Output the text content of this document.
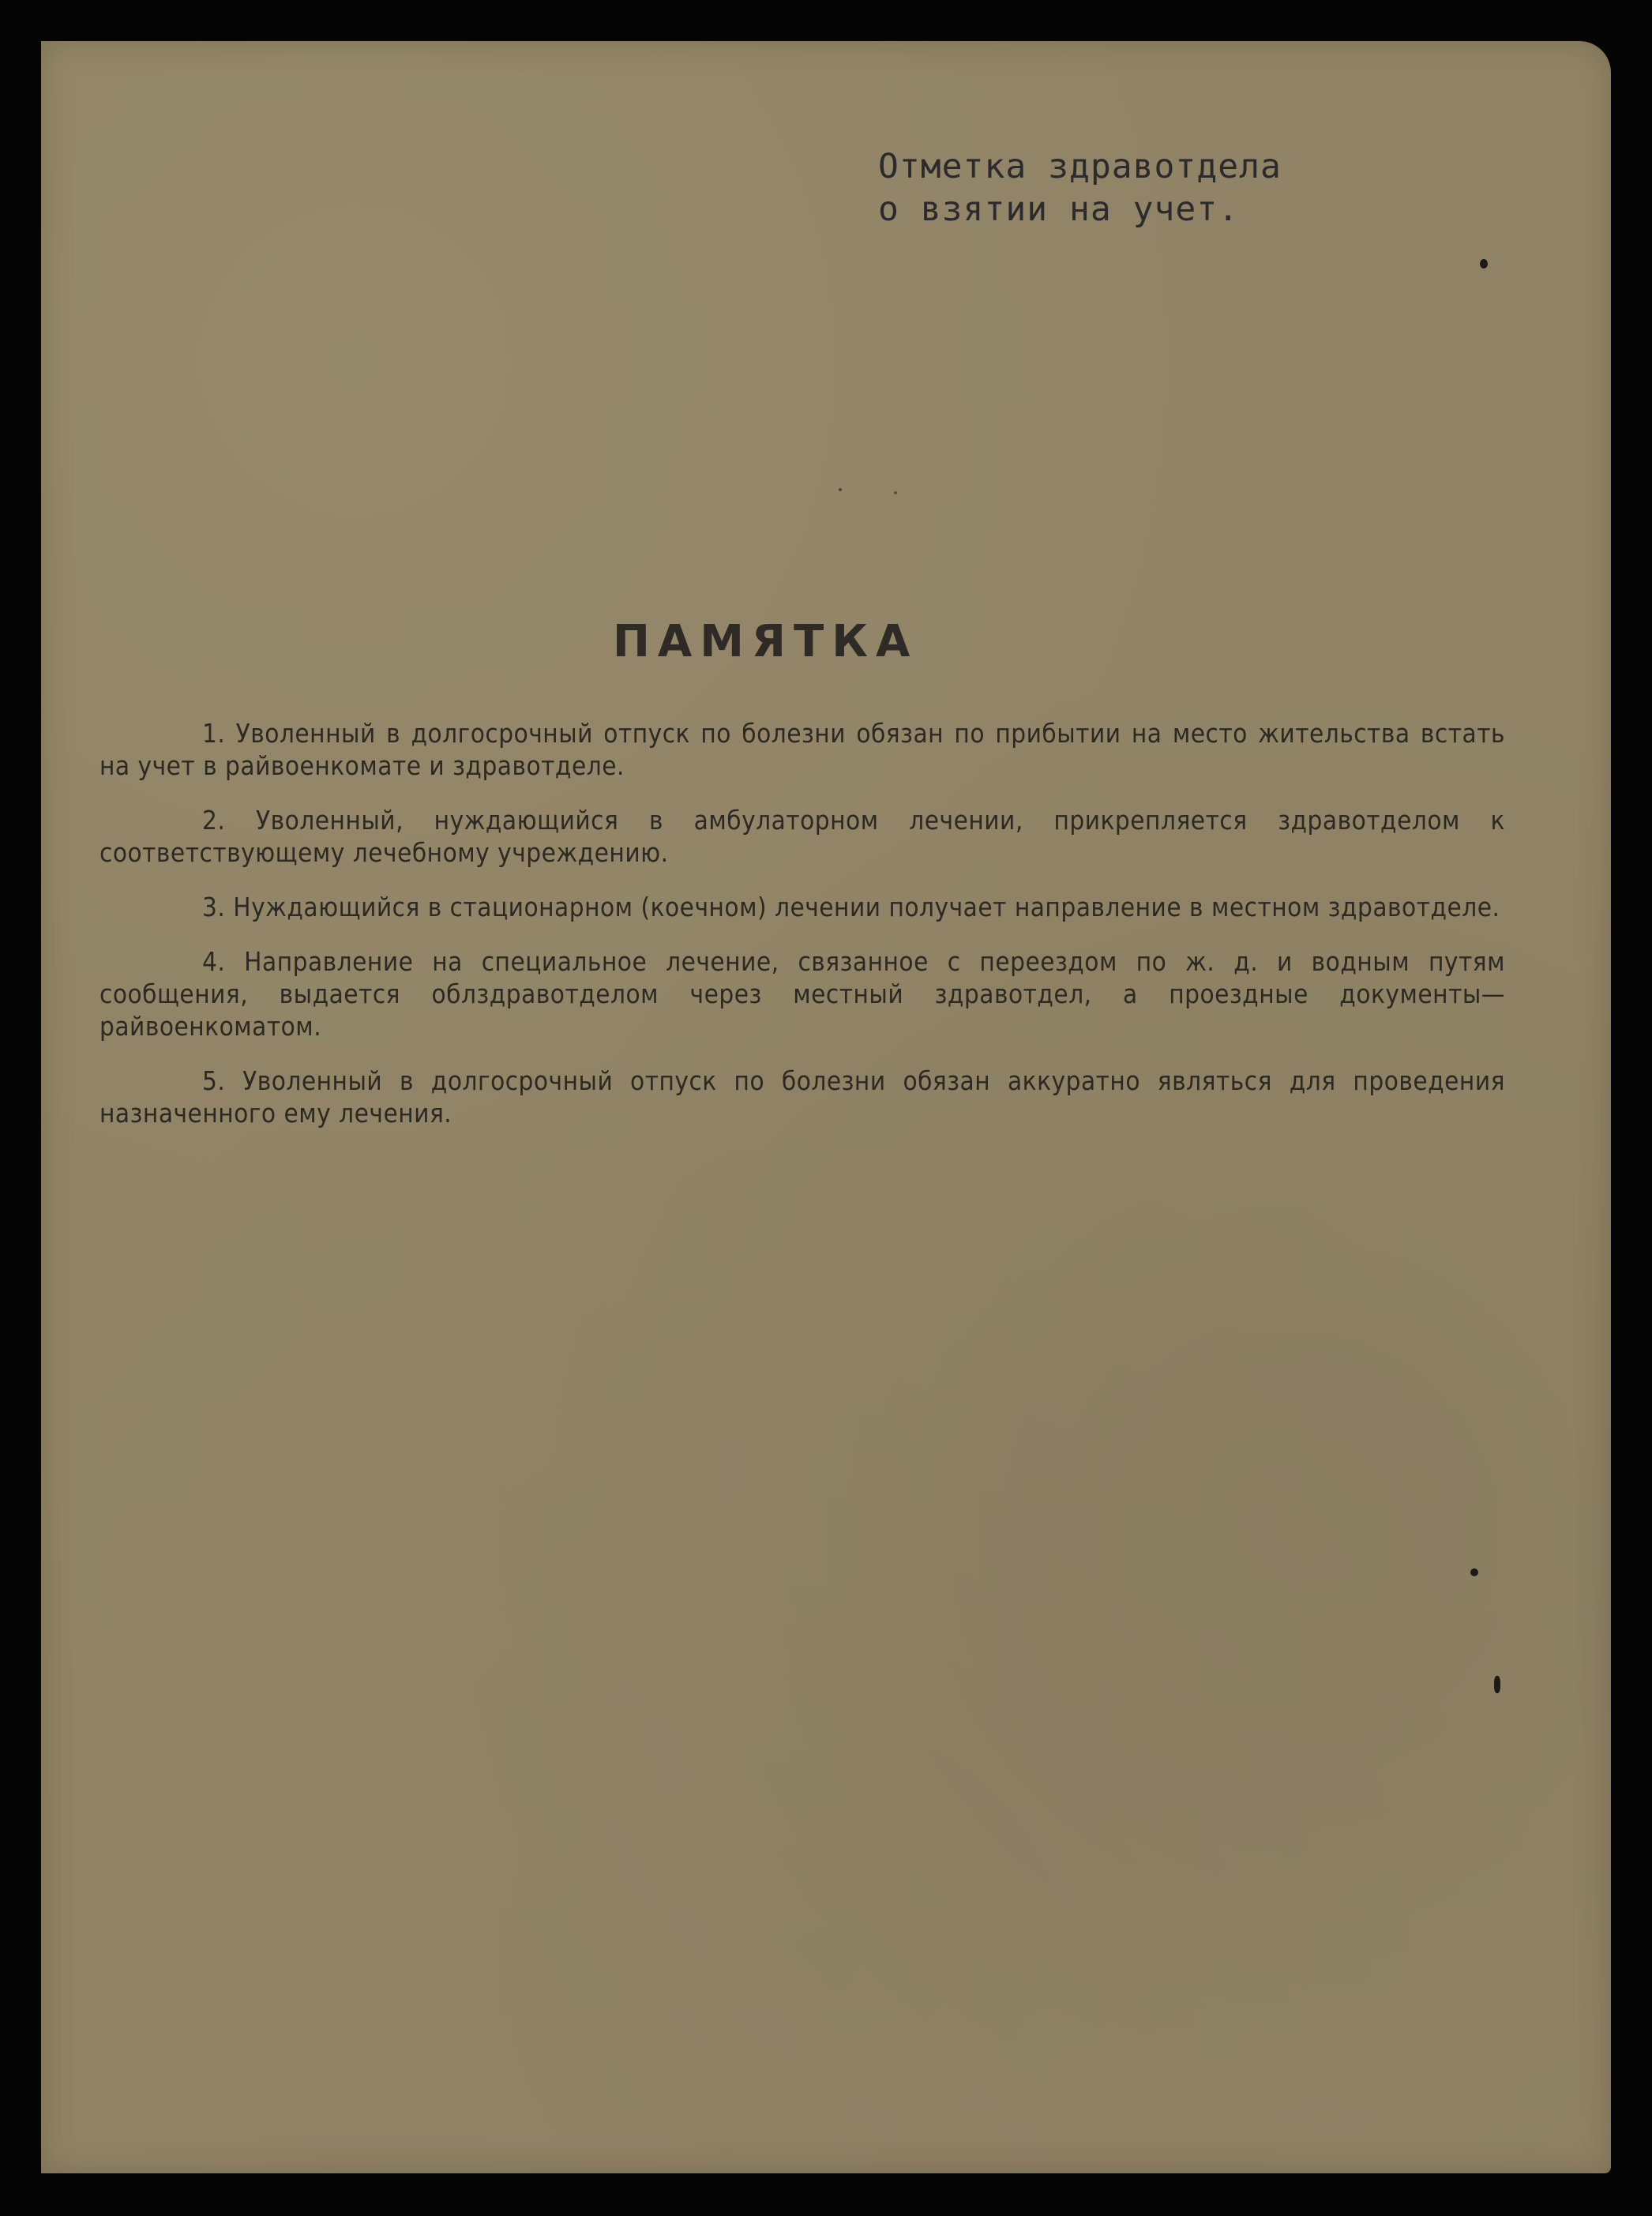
Отметка здравотдела
о взятии на учет.
ПАМЯТКА

1. Уволенный в долгосрочный отпуск по болезни обязан по прибытии на место жительства встать на учет в райвоенкомате и здравотделе.

2. Уволенный, нуждающийся в амбулаторном лечении, прикрепляется здравотделом к соответствующему лечебному учреждению.

3. Нуждающийся в стационарном (коечном) лечении получает направление в местном здравотделе.

4. Направление на специальное лечение, связанное с переездом по ж. д. и водным путям сообщения, выдается облздравотделом через местный здравотдел, а проездные документы—райвоенкоматом.

5. Уволенный в долгосрочный отпуск по болезни обязан аккуратно являться для проведения назначенного ему лечения.
